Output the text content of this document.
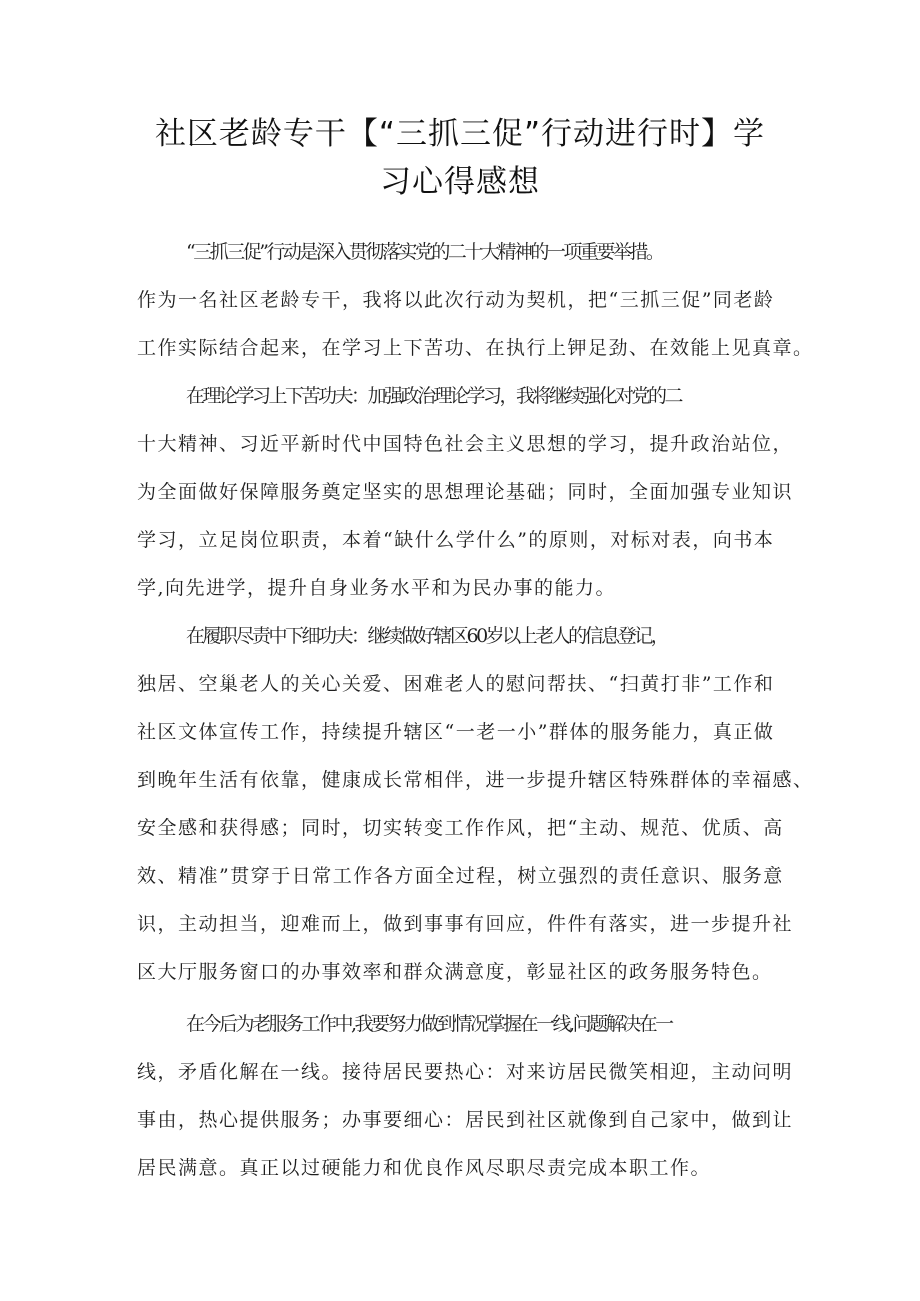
社区老龄专干【“三抓三促”行动进行时】学
习心得感想
“三抓三促”行动是深入贯彻落实党的二十大精神的一项重要举措。
作为一名社区老龄专干，我将以此次行动为契机，把“三抓三促”同老龄
工作实际结合起来，在学习上下苦功、在执行上钾足劲、在效能上见真章。
在理论学习上下苦功夫：加强政治理论学习，我将继续强化对党的二
十大精神、习近平新时代中国特色社会主义思想的学习，提升政治站位，
为全面做好保障服务奠定坚实的思想理论基础；同时，全面加强专业知识
学习，立足岗位职责，本着“缺什么学什么”的原则，对标对表，向书本
学,向先进学，提升自身业务水平和为民办事的能力。
在履职尽责中下细功夫：继续做好辖区60岁以上老人的信息登记，
独居、空巢老人的关心关爱、困难老人的慰问帮扶、“扫黄打非”工作和
社区文体宣传工作，持续提升辖区“一老一小”群体的服务能力，真正做
到晚年生活有依靠，健康成长常相伴，进一步提升辖区特殊群体的幸福感、
安全感和获得感；同时，切实转变工作作风，把“主动、规范、优质、高
效、精准”贯穿于日常工作各方面全过程，树立强烈的责任意识、服务意
识，主动担当，迎难而上，做到事事有回应，件件有落实，进一步提升社
区大厅服务窗口的办事效率和群众满意度，彰显社区的政务服务特色。
在今后为老服务工作中,我要努力做到情况掌握在一线,问题解决在一
线，矛盾化解在一线。接待居民要热心：对来访居民微笑相迎，主动问明
事由，热心提供服务；办事要细心：居民到社区就像到自己家中，做到让
居民满意。真正以过硬能力和优良作风尽职尽责完成本职工作。
